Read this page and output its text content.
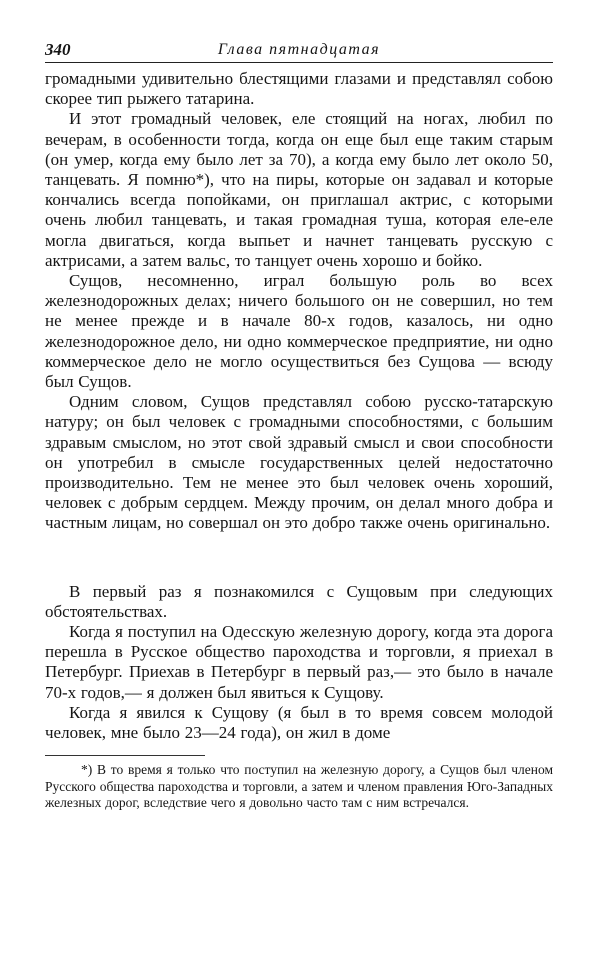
340	Глава пятнадцатая

громадными удивительно блестящими глазами и представлял собою скорее тип рыжего татарина.

И этот громадный человек, еле стоящий на ногах, любил по вечерам, в особенности тогда, когда он еще был еще таким старым (он умер, когда ему было лет за 70), а когда ему было лет около 50, танцевать. Я помню*), что на пиры, которые он задавал и которые кончались всегда попойками, он приглашал актрис, с которыми очень любил танцевать, и такая громадная туша, которая еле-еле могла двигаться, когда выпьет и начнет танцевать русскую с актрисами, а затем вальс, то танцует очень хорошо и бойко.

Сущов, несомненно, играл большую роль во всех железнодорожных делах; ничего большого он не совершил, но тем не менее прежде и в начале 80-х годов, казалось, ни одно железнодорожное дело, ни одно коммерческое предприятие, ни одно коммерческое дело не могло осуществиться без Сущова — всюду был Сущов.

Одним словом, Сущов представлял собою русско-татарскую натуру; он был человек с громадными способностями, с большим здравым смыслом, но этот свой здравый смысл и свои способности он употребил в смысле государственных целей недостаточно производительно. Тем не менее это был человек очень хороший, человек с добрым сердцем. Между прочим, он делал много добра и частным лицам, но совершал он это добро также очень оригинально.

В первый раз я познакомился с Сущовым при следующих обстоятельствах.

Когда я поступил на Одесскую железную дорогу, когда эта дорога перешла в Русское общество пароходства и торговли, я приехал в Петербург. Приехав в Петербург в первый раз,— это было в начале 70-х годов,— я должен был явиться к Сущову.

Когда я явился к Сущову (я был в то время совсем молодой человек, мне было 23—24 года), он жил в доме

*) В то время я только что поступил на железную дорогу, а Сущов был членом Русского общества пароходства и торговли, а затем и членом правления Юго-Западных железных дорог, вследствие чего я довольно часто там с ним встречался.
